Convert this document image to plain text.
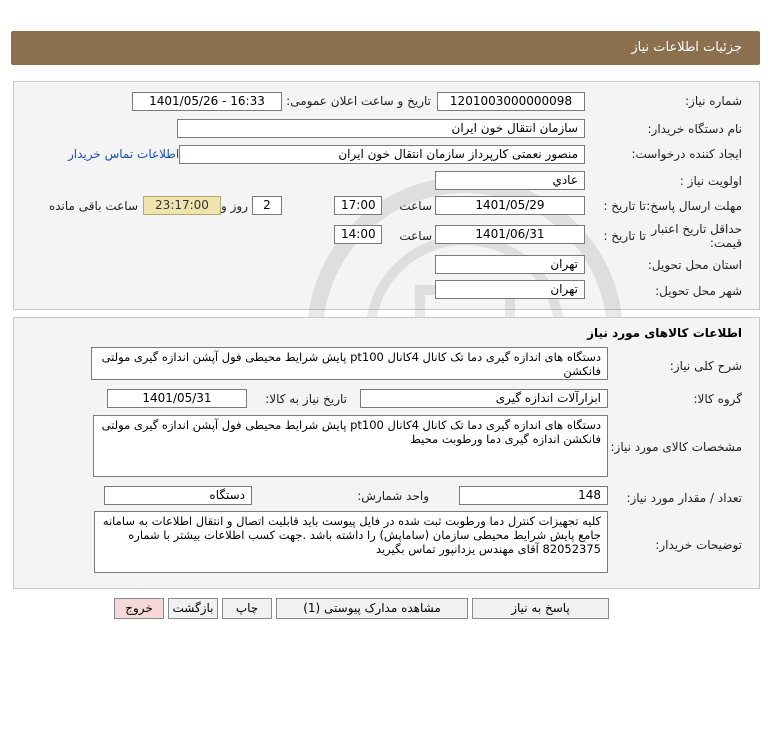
جزئیات اطلاعات نیاز
شماره نیاز:
1201003000000098
تاریخ و ساعت اعلان عمومی:
1401/05/26 - 16:33
نام دستگاه خریدار:
سازمان انتقال خون ایران
ایجاد کننده درخواست:
منصور نعمتی کارپرداز سازمان انتقال خون ایران
اطلاعات تماس خریدار
اولویت نیاز :
عادي
مهلت ارسال پاسخ:
تا تاریخ :
1401/05/29
ساعت
17:00
2
روز و
23:17:00
ساعت باقی مانده
حداقل تاریخ اعتبار قیمت:
تا تاریخ :
1401/06/31
ساعت
14:00
استان محل تحویل:
تهران
شهر محل تحویل:
تهران
اطلاعات کالاهای مورد نیاز
شرح کلی نیاز:
دستگاه های اندازه گیری دما تک کانال 4کانال pt100 پایش شرایط محیطی فول آپشن اندازه گیری مولتی فانکشن
گروه کالا:
ابزارآلات اندازه گیری
تاریخ نیاز به کالا:
1401/05/31
مشخصات کالای مورد نیاز:
دستگاه های اندازه گیری دما تک کانال 4کانال pt100 پایش شرایط محیطی فول آپشن اندازه گیری مولتی فانکشن اندازه گیری دما ورطوبت محیط
تعداد / مقدار مورد نیاز:
148
واحد شمارش:
دستگاه
توضیحات خریدار:
کلیه تجهیزات کنترل دما ورطوبت ثبت شده در فایل پیوست باید قابلیت اتصال و انتقال اطلاعات به سامانه جامع پایش شرایط محیطی سازمان (ساماپش) را داشته باشد .جهت کسب اطلاعات بیشتر با شماره 82052375 آقای مهندس یزدانپور تماس بگیرید
پاسخ به نیاز
مشاهده مدارک پیوستی (1)
چاپ
بازگشت
خروج
